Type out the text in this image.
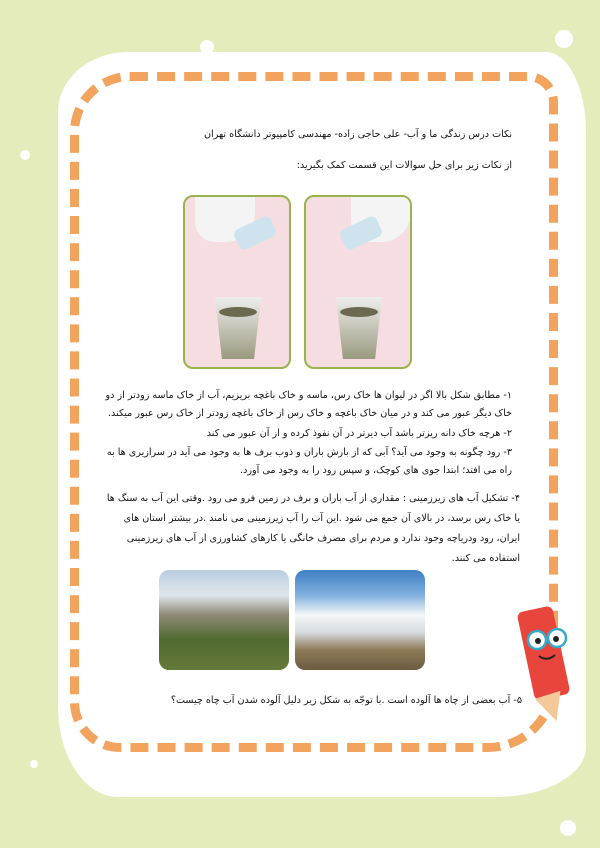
نکات درس زندگی ما و آب- علی حاجی زاده- مهندسی کامپیوتر دانشگاه تهران
از نکات زیر برای حل سوالات این قسمت کمک بگیرید:
۱- مطابق شکل بالا اگر در لیوان ها خاک رس، ماسه و خاک باغچه بریزیم، آب از خاک ماسه زودتر از دو خاک دیگر عبور می کند و در میان خاک باغچه و خاک رس از خاک باغچه زودتر از خاک رس عبور میکند.
۲- هرچه خاک دانه ریزتر باشد آب دیرتر در آن نفوذ کرده و از آن عبور می کند
۳- رود چگونه به وجود می آید؟ آبی که از بارش باران و ذوب برف ها به وجود می آید در سرازیری ها به راه می افتد؛ ابتدا جوی های کوچک، و سپس رود را به وجود می آورد.
۴- تشکیل آب های زیرزمینی : مقداری از آب باران و برف در زمین فرو می رود .وقتی این آب به سنگ ها یا خاک رس برسد، در بالای آن جمع می شود .این آب را آب زیرزمینی می نامند .در بیشتر استان های ایران، رود ودریاچه وجود ندارد و مردم برای مصرف خانگی یا کارهای کشاورزی از آب های زیرزمینی استفاده می کنند.
۵- آب بعضی از چاه ها آلوده است .با توجّه به شکل زیر دلیل آلوده شدن آب چاه چیست؟
